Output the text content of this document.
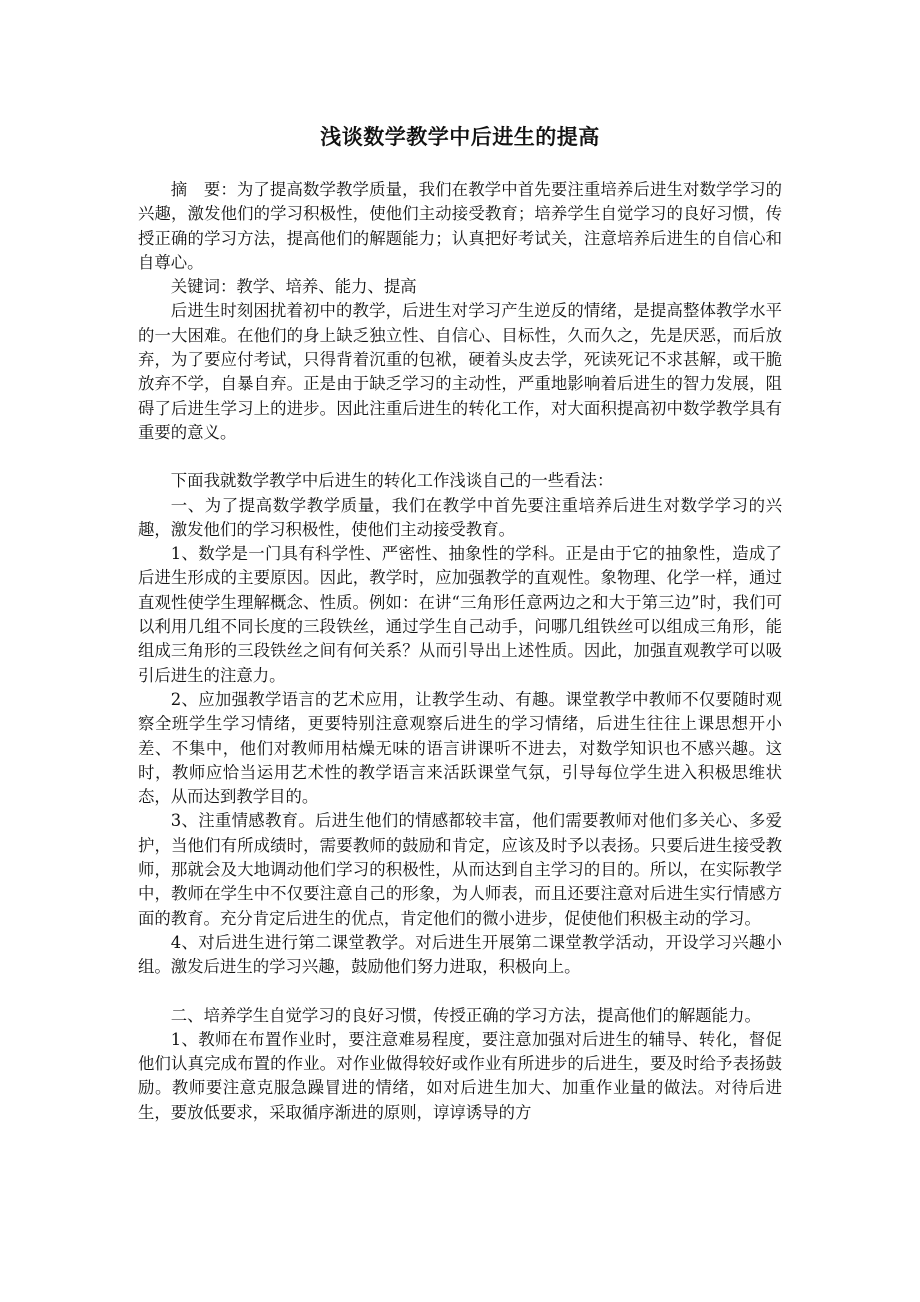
浅谈数学教学中后进生的提高

摘　要：为了提高数学教学质量，我们在教学中首先要注重培养后进生对数学学习的兴趣，激发他们的学习积极性，使他们主动接受教育；培养学生自觉学习的良好习惯，传授正确的学习方法，提高他们的解题能力；认真把好考试关，注意培养后进生的自信心和自尊心。

关键词：教学、培养、能力、提高

后进生时刻困扰着初中的教学，后进生对学习产生逆反的情绪，是提高整体教学水平的一大困难。在他们的身上缺乏独立性、自信心、目标性，久而久之，先是厌恶，而后放弃，为了要应付考试，只得背着沉重的包袱，硬着头皮去学，死读死记不求甚解，或干脆放弃不学，自暴自弃。正是由于缺乏学习的主动性，严重地影响着后进生的智力发展，阻碍了后进生学习上的进步。因此注重后进生的转化工作，对大面积提高初中数学教学具有重要的意义。

下面我就数学教学中后进生的转化工作浅谈自己的一些看法：

一、为了提高数学教学质量，我们在教学中首先要注重培养后进生对数学学习的兴趣，激发他们的学习积极性，使他们主动接受教育。

1、数学是一门具有科学性、严密性、抽象性的学科。正是由于它的抽象性，造成了后进生形成的主要原因。因此，教学时，应加强教学的直观性。象物理、化学一样，通过直观性使学生理解概念、性质。例如：在讲“三角形任意两边之和大于第三边”时，我们可以利用几组不同长度的三段铁丝，通过学生自己动手，问哪几组铁丝可以组成三角形，能组成三角形的三段铁丝之间有何关系？从而引导出上述性质。因此，加强直观教学可以吸引后进生的注意力。

2、应加强教学语言的艺术应用，让教学生动、有趣。课堂教学中教师不仅要随时观察全班学生学习情绪，更要特别注意观察后进生的学习情绪，后进生往往上课思想开小差、不集中，他们对教师用枯燥无味的语言讲课听不进去，对数学知识也不感兴趣。这时，教师应恰当运用艺术性的教学语言来活跃课堂气氛，引导每位学生进入积极思维状态，从而达到教学目的。

3、注重情感教育。后进生他们的情感都较丰富，他们需要教师对他们多关心、多爱护，当他们有所成绩时，需要教师的鼓励和肯定，应该及时予以表扬。只要后进生接受教师，那就会及大地调动他们学习的积极性，从而达到自主学习的目的。所以，在实际教学中，教师在学生中不仅要注意自己的形象，为人师表，而且还要注意对后进生实行情感方面的教育。充分肯定后进生的优点，肯定他们的微小进步，促使他们积极主动的学习。

4、对后进生进行第二课堂教学。对后进生开展第二课堂教学活动，开设学习兴趣小组。激发后进生的学习兴趣，鼓励他们努力进取，积极向上。

二、培养学生自觉学习的良好习惯，传授正确的学习方法，提高他们的解题能力。

1、教师在布置作业时，要注意难易程度，要注意加强对后进生的辅导、转化，督促他们认真完成布置的作业。对作业做得较好或作业有所进步的后进生，要及时给予表扬鼓励。教师要注意克服急躁冒进的情绪，如对后进生加大、加重作业量的做法。对待后进生，要放低要求，采取循序渐进的原则，谆谆诱导的方
